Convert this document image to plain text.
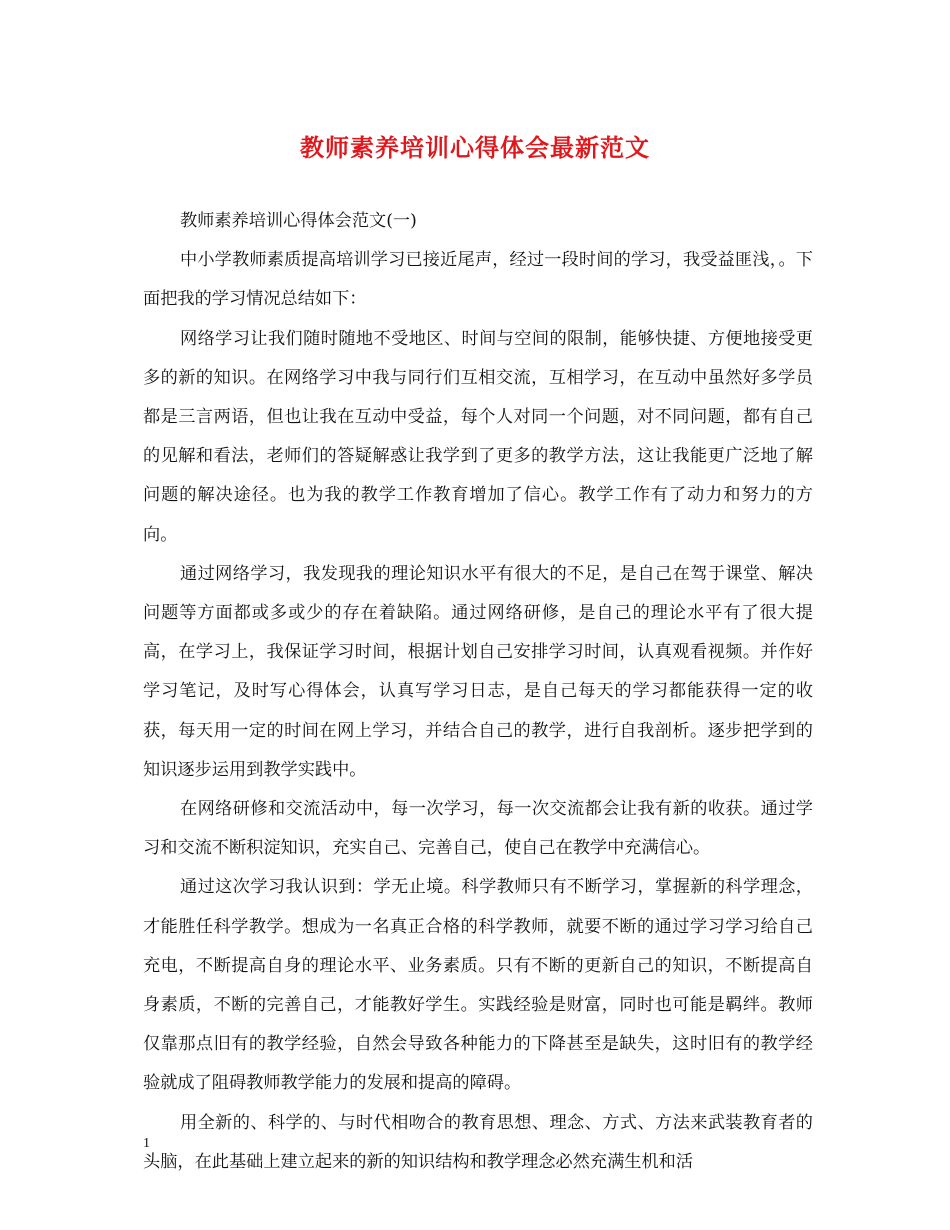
教师素养培训心得体会最新范文

教师素养培训心得体会范文(一)

中小学教师素质提高培训学习已接近尾声，经过一段时间的学习，我受益匪浅，。下面把我的学习情况总结如下：

网络学习让我们随时随地不受地区、时间与空间的限制，能够快捷、方便地接受更多的新的知识。在网络学习中我与同行们互相交流，互相学习，在互动中虽然好多学员都是三言两语，但也让我在互动中受益，每个人对同一个问题，对不同问题，都有自己的见解和看法，老师们的答疑解惑让我学到了更多的教学方法，这让我能更广泛地了解问题的解决途径。也为我的教学工作教育增加了信心。教学工作有了动力和努力的方向。

通过网络学习，我发现我的理论知识水平有很大的不足，是自己在驾于课堂、解决问题等方面都或多或少的存在着缺陷。通过网络研修，是自己的理论水平有了很大提高，在学习上，我保证学习时间，根据计划自己安排学习时间，认真观看视频。并作好学习笔记，及时写心得体会，认真写学习日志，是自己每天的学习都能获得一定的收获，每天用一定的时间在网上学习，并结合自己的教学，进行自我剖析。逐步把学到的知识逐步运用到教学实践中。

在网络研修和交流活动中，每一次学习，每一次交流都会让我有新的收获。通过学习和交流不断积淀知识，充实自己、完善自己，使自己在教学中充满信心。

通过这次学习我认识到：学无止境。科学教师只有不断学习，掌握新的科学理念，才能胜任科学教学。想成为一名真正合格的科学教师，就要不断的通过学习学习给自己充电，不断提高自身的理论水平、业务素质。只有不断的更新自己的知识，不断提高自身素质，不断的完善自己，才能教好学生。实践经验是财富，同时也可能是羁绊。教师仅靠那点旧有的教学经验，自然会导致各种能力的下降甚至是缺失，这时旧有的教学经验就成了阻碍教师教学能力的发展和提高的障碍。

用全新的、科学的、与时代相吻合的教育思想、理念、方式、方法来武装教育者的头脑，在此基础上建立起来的新的知识结构和教学理念必然充满生机和活

1
